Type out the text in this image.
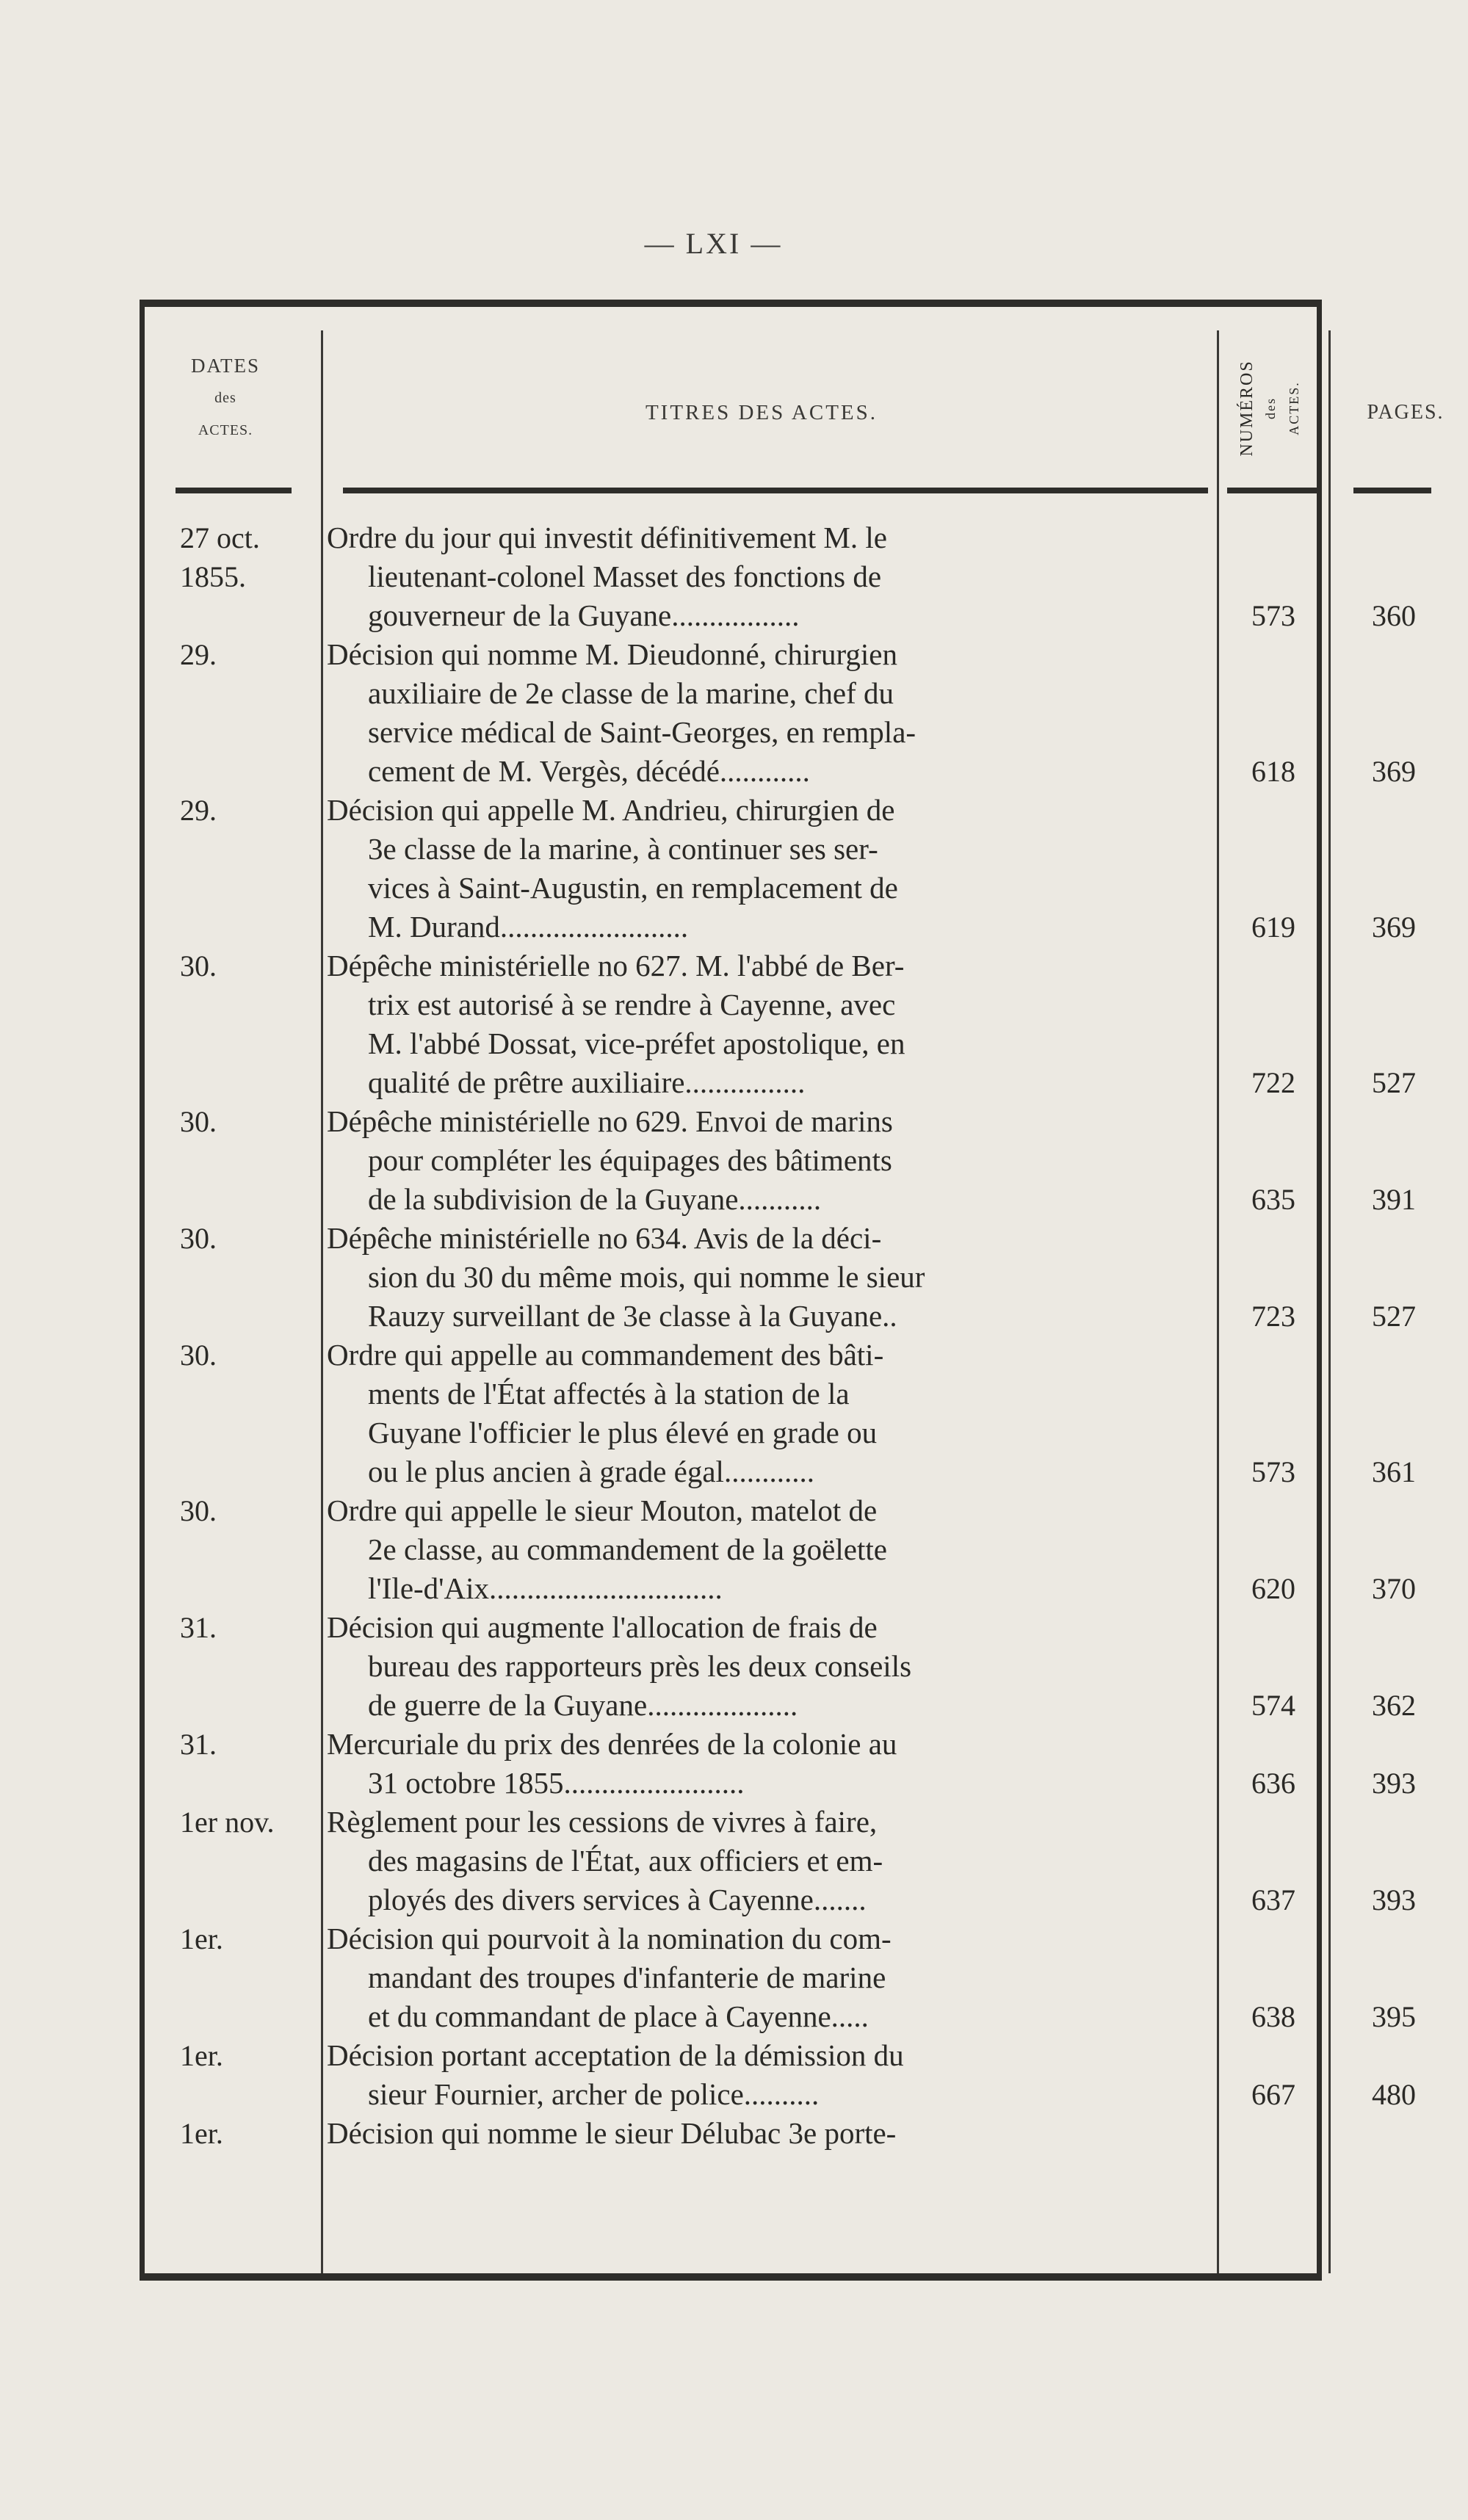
— LXI —
DATES
des
ACTES.
TITRES DES ACTES.	NUMÉROS des ACTES.	PAGES.
27 oct.
1855.
Ordre du jour qui investit définitivement M. le
lieutenant-colonel Masset des fonctions de
gouverneur de la Guyane.................	573	360
29.	Décision qui nomme M. Dieudonné, chirurgien
auxiliaire de 2e classe de la marine, chef du
service médical de Saint-Georges, en rempla-
cement de M. Vergès, décédé............	618	369
29.	Décision qui appelle M. Andrieu, chirurgien de
3e classe de la marine, à continuer ses ser-
vices à Saint-Augustin, en remplacement de
M. Durand.........................	619	369
30.	Dépêche ministérielle no 627. M. l'abbé de Ber-
trix est autorisé à se rendre à Cayenne, avec
M. l'abbé Dossat, vice-préfet apostolique, en
qualité de prêtre auxiliaire................	722	527
30.	Dépêche ministérielle no 629. Envoi de marins
pour compléter les équipages des bâtiments
de la subdivision de la Guyane...........	635	391
30.	Dépêche ministérielle no 634. Avis de la déci-
sion du 30 du même mois, qui nomme le sieur
Rauzy surveillant de 3e classe à la Guyane..	723	527
30.	Ordre qui appelle au commandement des bâti-
ments de l'État affectés à la station de la
Guyane l'officier le plus élevé en grade ou
ou le plus ancien à grade égal............	573	361
30.	Ordre qui appelle le sieur Mouton, matelot de
2e classe, au commandement de la goëlette
l'Ile-d'Aix...............................	620	370
31.	Décision qui augmente l'allocation de frais de
bureau des rapporteurs près les deux conseils
de guerre de la Guyane....................	574	362
31.	Mercuriale du prix des denrées de la colonie au
31 octobre 1855........................	636	393
1er nov. Règlement pour les cessions de vivres à faire,
des magasins de l'État, aux officiers et em-
ployés des divers services à Cayenne.......	637	393
1er.	Décision qui pourvoit à la nomination du com-
mandant des troupes d'infanterie de marine
et du commandant de place à Cayenne.....	638	395
1er.	Décision portant acceptation de la démission du
sieur Fournier, archer de police..........	667	480
1er.	Décision qui nomme le sieur Délubac 3e porte-
